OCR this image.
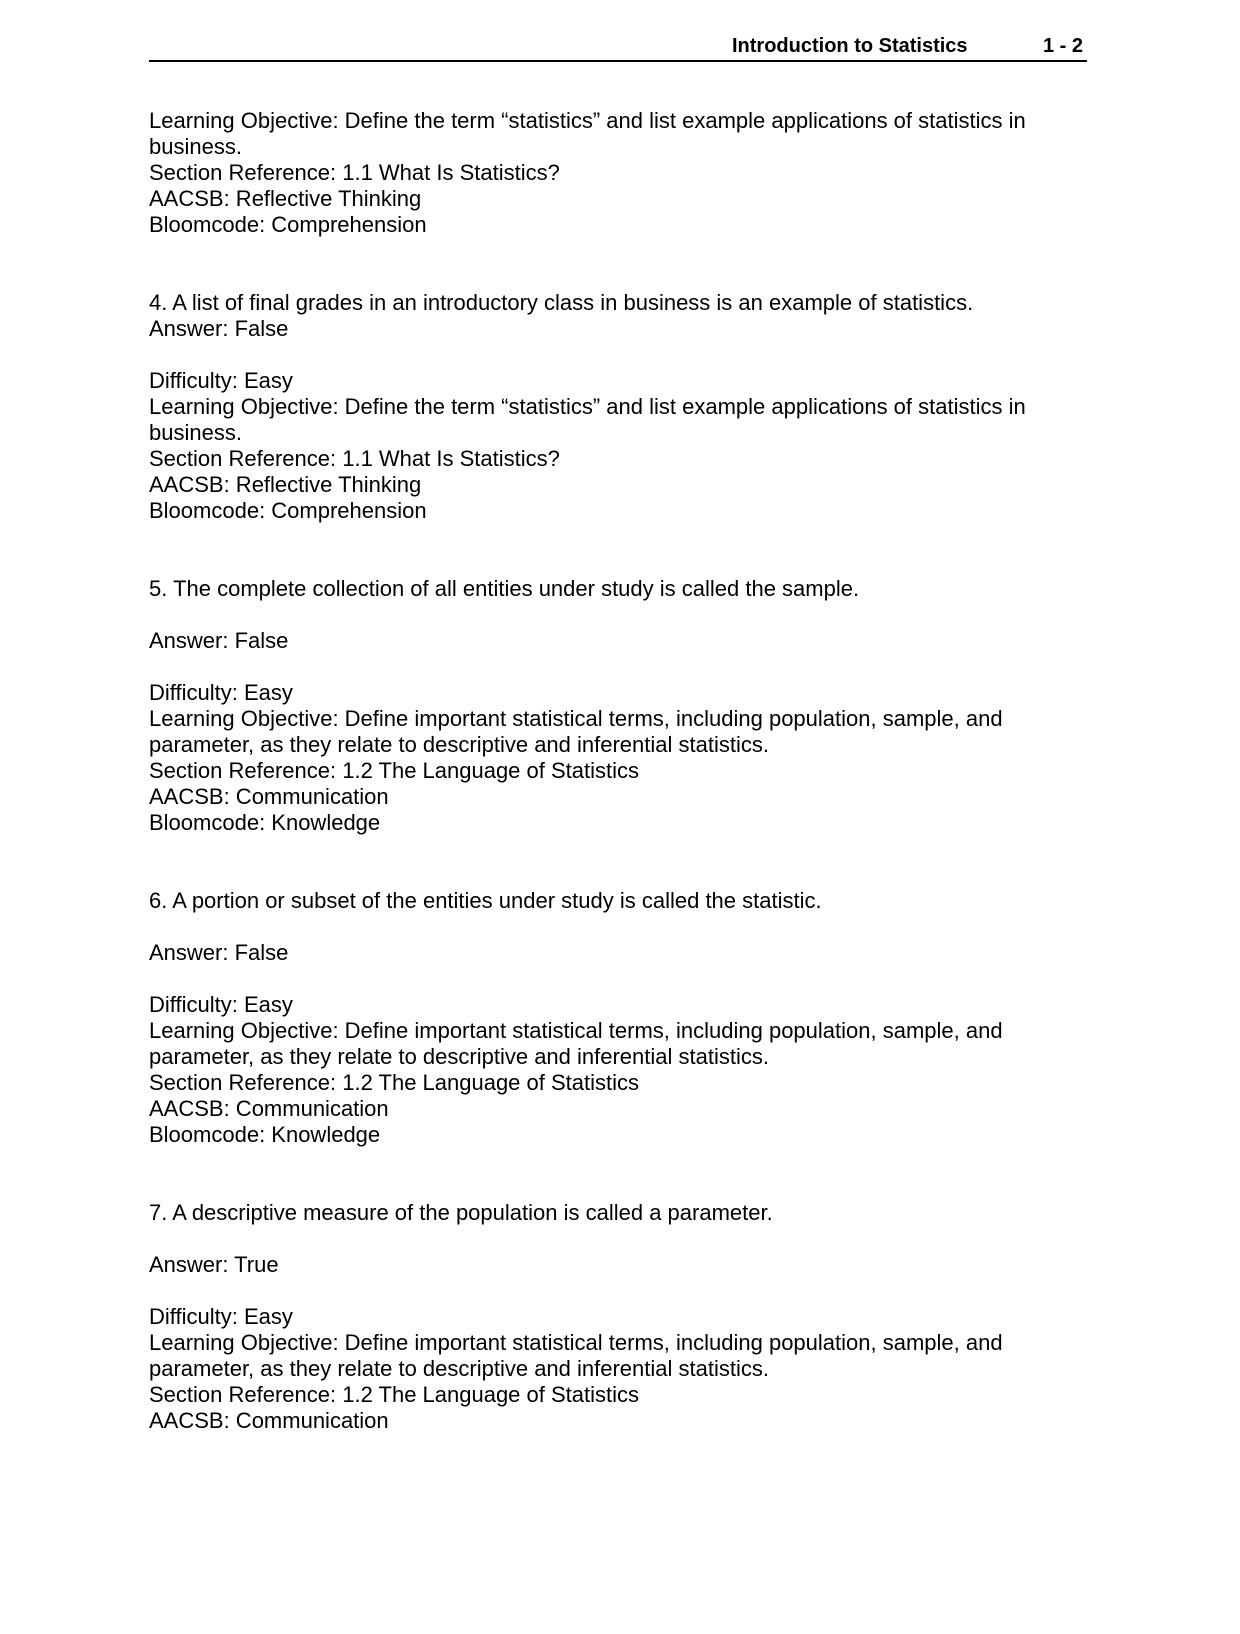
Introduction to Statistics	1 - 2
Learning Objective: Define the term “statistics” and list example applications of statistics in
business.
Section Reference: 1.1 What Is Statistics?
AACSB: Reflective Thinking
Bloomcode: Comprehension
4. A list of final grades in an introductory class in business is an example of statistics.
Answer: False
Difficulty: Easy
Learning Objective: Define the term “statistics” and list example applications of statistics in
business.
Section Reference: 1.1 What Is Statistics?
AACSB: Reflective Thinking
Bloomcode: Comprehension
5. The complete collection of all entities under study is called the sample.
Answer: False
Difficulty: Easy
Learning Objective: Define important statistical terms, including population, sample, and
parameter, as they relate to descriptive and inferential statistics.
Section Reference: 1.2 The Language of Statistics
AACSB: Communication
Bloomcode: Knowledge
6. A portion or subset of the entities under study is called the statistic.
Answer: False
Difficulty: Easy
Learning Objective: Define important statistical terms, including population, sample, and
parameter, as they relate to descriptive and inferential statistics.
Section Reference: 1.2 The Language of Statistics
AACSB: Communication
Bloomcode: Knowledge
7. A descriptive measure of the population is called a parameter.
Answer: True
Difficulty: Easy
Learning Objective: Define important statistical terms, including population, sample, and
parameter, as they relate to descriptive and inferential statistics.
Section Reference: 1.2 The Language of Statistics
AACSB: Communication
